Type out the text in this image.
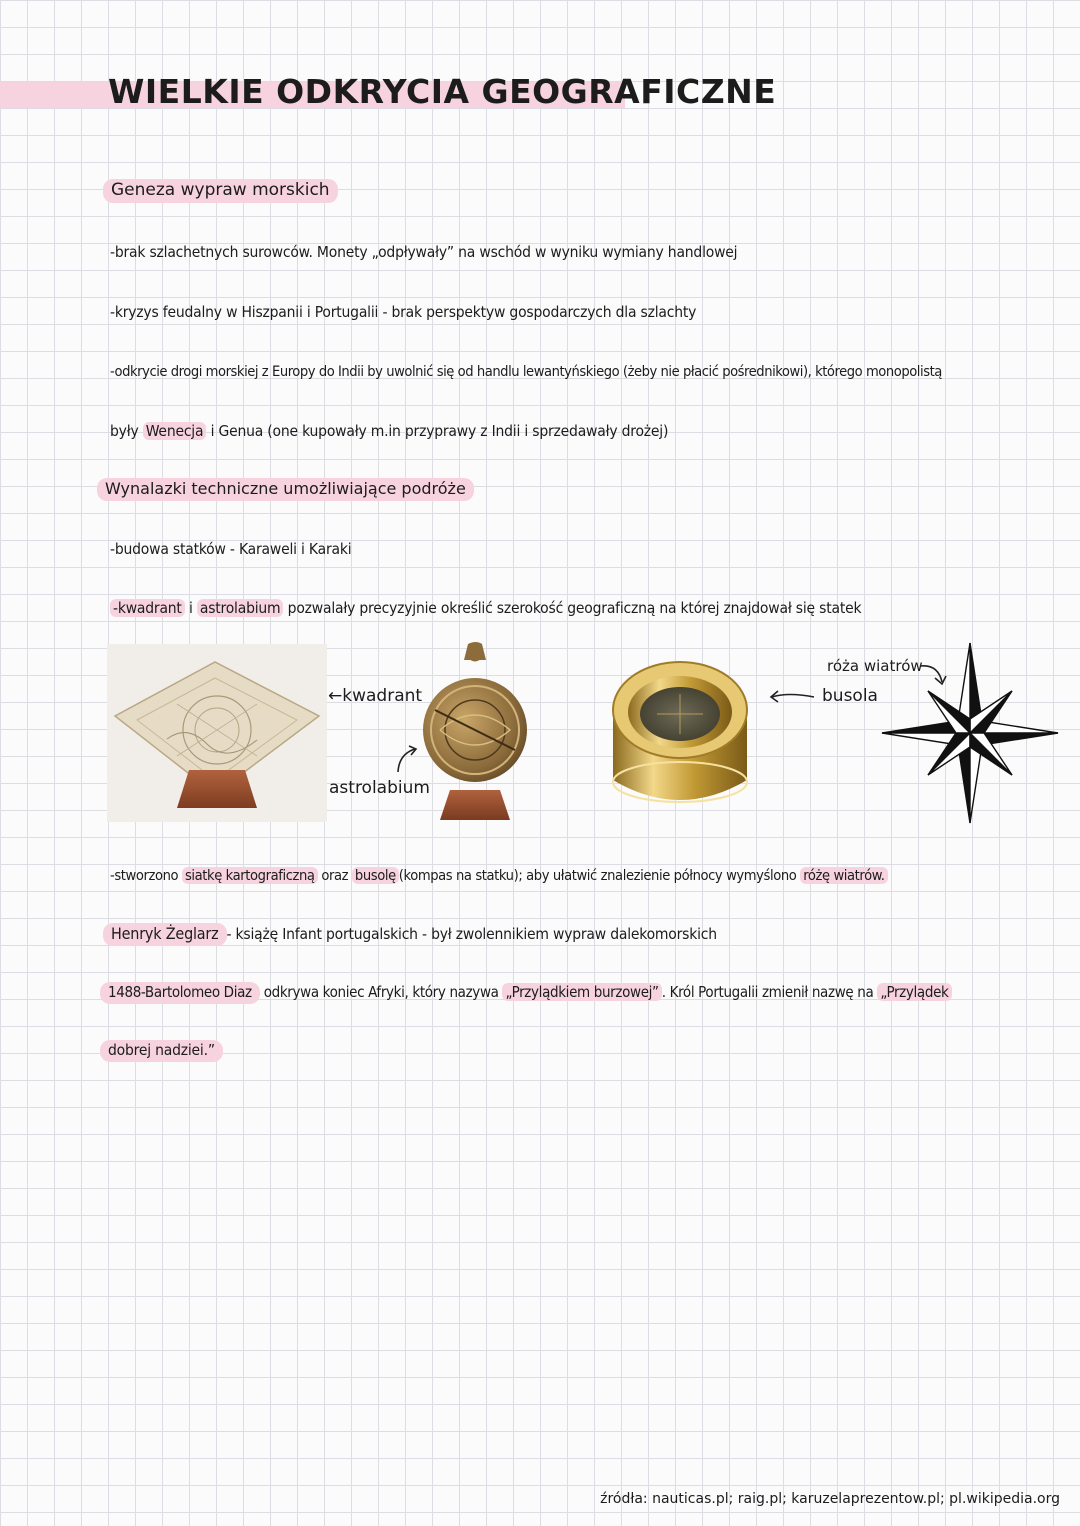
WIELKIE ODKRYCIA GEOGRAFICZNE
Geneza wypraw morskich
-brak szlachetnych surowców. Monety „odpływały” na wschód w wyniku wymiany handlowej
-kryzys feudalny w Hiszpanii i Portugalii - brak perspektyw gospodarczych dla szlachty
-odkrycie drogi morskiej z Europy do Indii by uwolnić się od handlu lewantyńskiego (żeby nie płacić pośrednikowi), którego monopolistą
były Wenecja i Genua (one kupowały m.in przyprawy z Indii i sprzedawały drożej)
Wynalazki techniczne umożliwiające podróże
-budowa statków - Karaweli i Karaki
-kwadrant i astrolabium pozwalały precyzyjnie określić szerokość geograficzną na której znajdował się statek
←kwadrant
astrolabium
busola
róża wiatrów
-stworzono siatkę kartograficzną oraz busolę (kompas na statku); aby ułatwić znalezienie północy wymyślono różę wiatrów.
Henryk Żeglarz - książę Infant portugalskich - był zwolennikiem wypraw dalekomorskich
1488-Bartolomeo Diaz odkrywa koniec Afryki, który nazywa „Przylądkiem burzowej” . Król Portugalii zmienił nazwę na „Przylądek
dobrej nadziei.”
źródła: nauticas.pl; raig.pl; karuzelaprezentow.pl; pl.wikipedia.org
